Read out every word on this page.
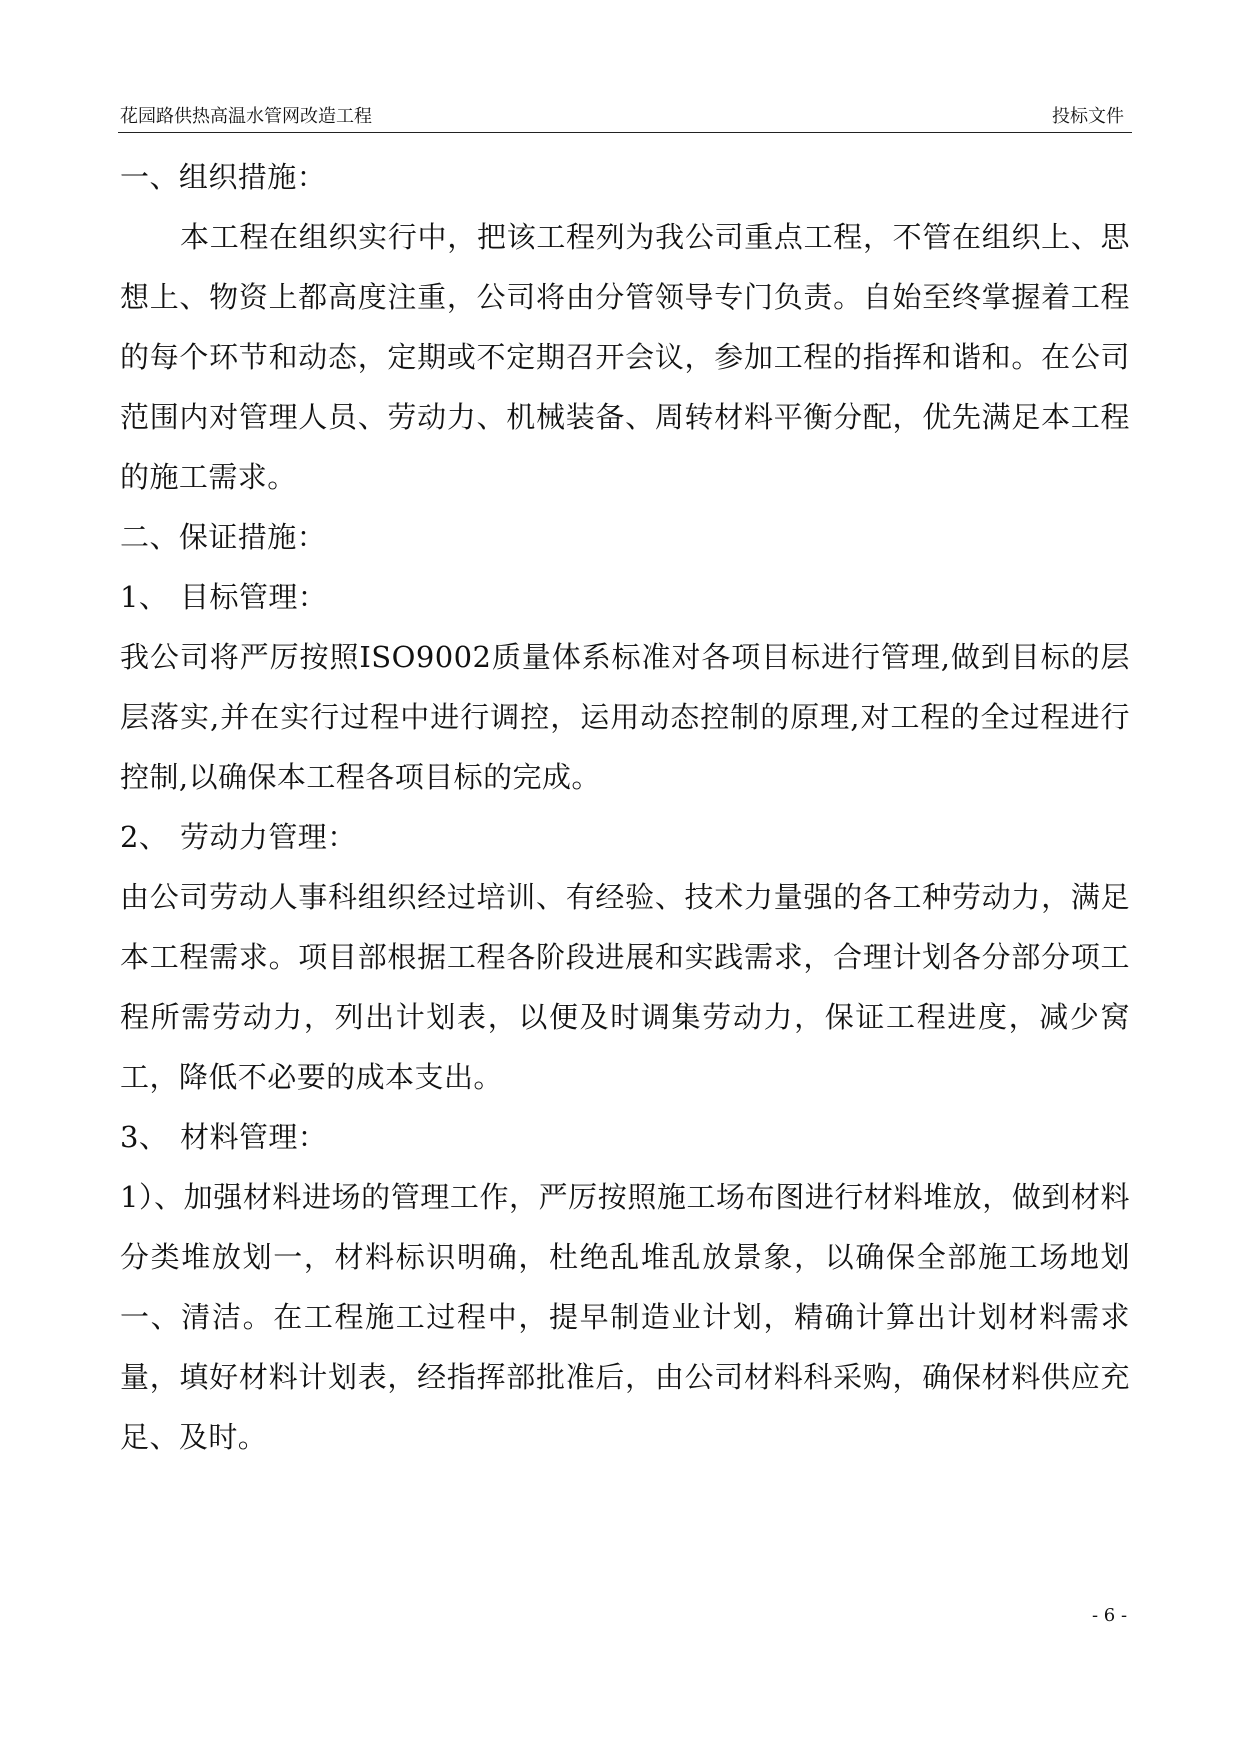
花园路供热高温水管网改造工程	投标文件

一、组织措施：

本工程在组织实行中，把该工程列为我公司重点工程，不管在组织上、思想上、物资上都高度注重，公司将由分管领导专门负责。自始至终掌握着工程的每个环节和动态，定期或不定期召开会议，参加工程的指挥和谐和。在公司范围内对管理人员、劳动力、机械装备、周转材料平衡分配，优先满足本工程的施工需求。

二、保证措施：

1、 目标管理：

我公司将严厉按照ISO9002质量体系标准对各项目标进行管理,做到目标的层层落实,并在实行过程中进行调控，运用动态控制的原理,对工程的全过程进行控制,以确保本工程各项目标的完成。

2、 劳动力管理：

由公司劳动人事科组织经过培训、有经验、技术力量强的各工种劳动力，满足本工程需求。项目部根据工程各阶段进展和实践需求，合理计划各分部分项工程所需劳动力，列出计划表，以便及时调集劳动力，保证工程进度，减少窝工，降低不必要的成本支出。

3、 材料管理：

1）、加强材料进场的管理工作，严厉按照施工场布图进行材料堆放，做到材料分类堆放划一，材料标识明确，杜绝乱堆乱放景象，以确保全部施工场地划一、清洁。在工程施工过程中，提早制造业计划，精确计算出计划材料需求量，填好材料计划表，经指挥部批准后，由公司材料科采购，确保材料供应充足、及时。

- 6 -
